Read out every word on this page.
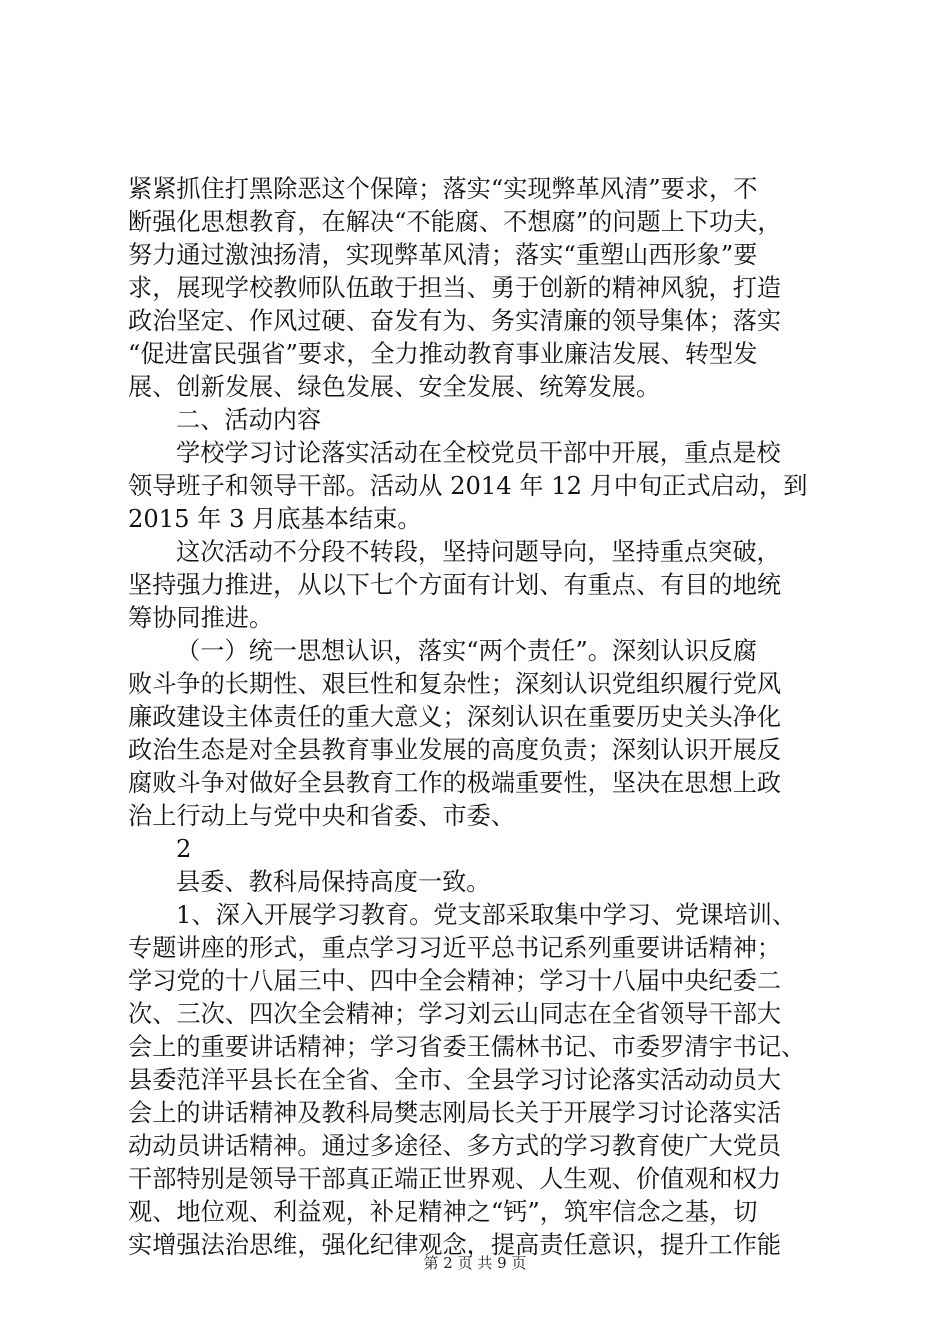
紧紧抓住打黑除恶这个保障；落实“实现弊革风清”要求，不
断强化思想教育，在解决“不能腐、不想腐”的问题上下功夫，
努力通过激浊扬清，实现弊革风清；落实“重塑山西形象”要
求，展现学校教师队伍敢于担当、勇于创新的精神风貌，打造
政治坚定、作风过硬、奋发有为、务实清廉的领导集体；落实
“促进富民强省”要求，全力推动教育事业廉洁发展、转型发
展、创新发展、绿色发展、安全发展、统筹发展。
二、活动内容
学校学习讨论落实活动在全校党员干部中开展，重点是校
领导班子和领导干部。活动从 2014 年 12 月中旬正式启动，到
2015 年 3 月底基本结束。
这次活动不分段不转段，坚持问题导向，坚持重点突破，
坚持强力推进，从以下七个方面有计划、有重点、有目的地统
筹协同推进。
（一）统一思想认识，落实“两个责任”。深刻认识反腐
败斗争的长期性、艰巨性和复杂性；深刻认识党组织履行党风
廉政建设主体责任的重大意义；深刻认识在重要历史关头净化
政治生态是对全县教育事业发展的高度负责；深刻认识开展反
腐败斗争对做好全县教育工作的极端重要性，坚决在思想上政
治上行动上与党中央和省委、市委、
2
县委、教科局保持高度一致。
1、深入开展学习教育。党支部采取集中学习、党课培训、
专题讲座的形式，重点学习习近平总书记系列重要讲话精神；
学习党的十八届三中、四中全会精神；学习十八届中央纪委二
次、三次、四次全会精神；学习刘云山同志在全省领导干部大
会上的重要讲话精神；学习省委王儒林书记、市委罗清宇书记、
县委范洋平县长在全省、全市、全县学习讨论落实活动动员大
会上的讲话精神及教科局樊志刚局长关于开展学习讨论落实活
动动员讲话精神。通过多途径、多方式的学习教育使广大党员
干部特别是领导干部真正端正世界观、人生观、价值观和权力
观、地位观、利益观，补足精神之“钙”，筑牢信念之基，切
实增强法治思维，强化纪律观念，提高责任意识，提升工作能
第 2 页 共 9 页
